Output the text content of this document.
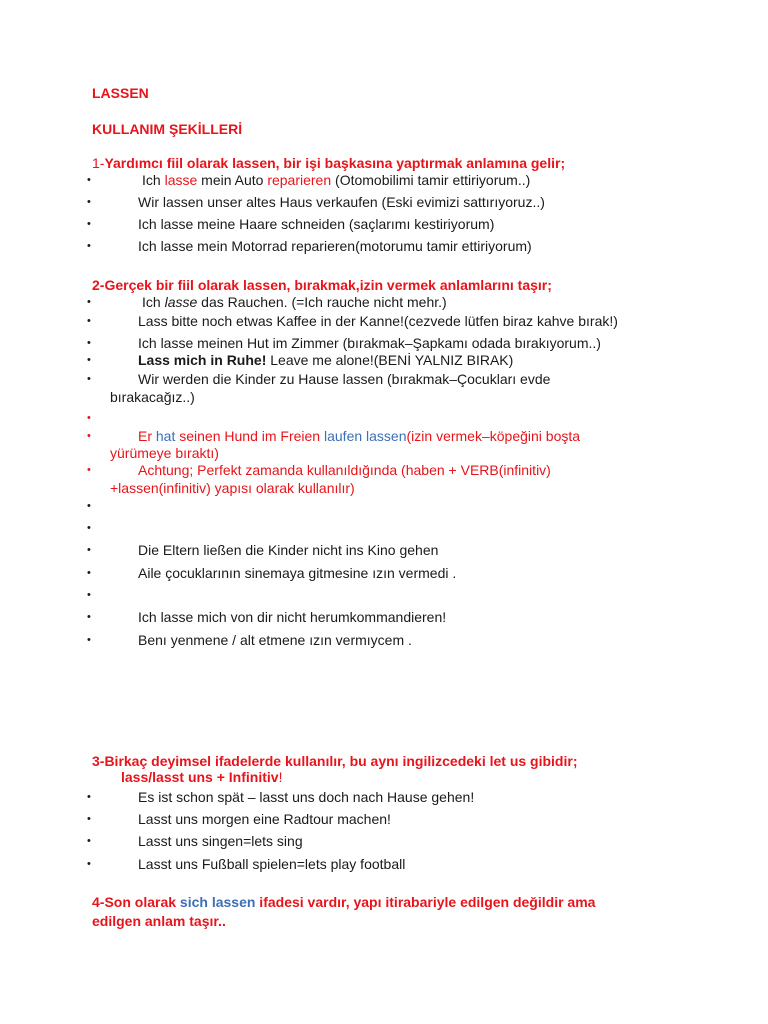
LASSEN
KULLANIM ŞEKİLLERİ
1-Yardımcı fiil olarak lassen, bir işi başkasına yaptırmak anlamına gelir;
•	Ich lasse mein Auto reparieren (Otomobilimi tamir ettiriyorum..)
•	Wir lassen unser altes Haus verkaufen (Eski evimizi sattırıyoruz..)
•	Ich lasse meine Haare schneiden (saçlarımı kestiriyorum)
•	Ich lasse mein Motorrad reparieren(motorumu tamir ettiriyorum)
2-Gerçek bir fiil olarak lassen, bırakmak,izin vermek anlamlarını taşır;
•	Ich lasse das Rauchen. (=Ich rauche nicht mehr.)
•	Lass bitte noch etwas Kaffee in der Kanne!(cezvede lütfen biraz kahve bırak!)
•	Ich lasse meinen Hut im Zimmer (bırakmak–Şapkamı odada bırakıyorum..)
•	Lass mich in Ruhe! Leave me alone!(BENİ YALNIZ BIRAK)
•	Wir werden die Kinder zu Hause lassen (bırakmak–Çocukları evde
bırakacağız..)
•
•	Er hat seinen Hund im Freien laufen lassen(izin vermek–köpeğini boşta
yürümeye bıraktı)
•	Achtung; Perfekt zamanda kullanıldığında (haben + VERB(infinitiv)
+lassen(infinitiv) yapısı olarak kullanılır)
•
•
•	Die Eltern ließen die Kinder nicht ins Kino gehen
•	Aile çocuklarının sinemaya gitmesine ızın vermedi .
•
•	Ich lasse mich von dir nicht herumkommandieren!
•	Benı yenmene / alt etmene ızın vermıycem .
3-Birkaç deyimsel ifadelerde kullanılır, bu aynı ingilizcedeki let us gibidir;
lass/lasst uns + Infinitiv!
•	Es ist schon spät – lasst uns doch nach Hause gehen!
•	Lasst uns morgen eine Radtour machen!
•	Lasst uns singen=lets sing
•	Lasst uns Fußball spielen=lets play football
4-Son olarak sich lassen ifadesi vardır, yapı itirabariyle edilgen değildir ama
edilgen anlam taşır..
